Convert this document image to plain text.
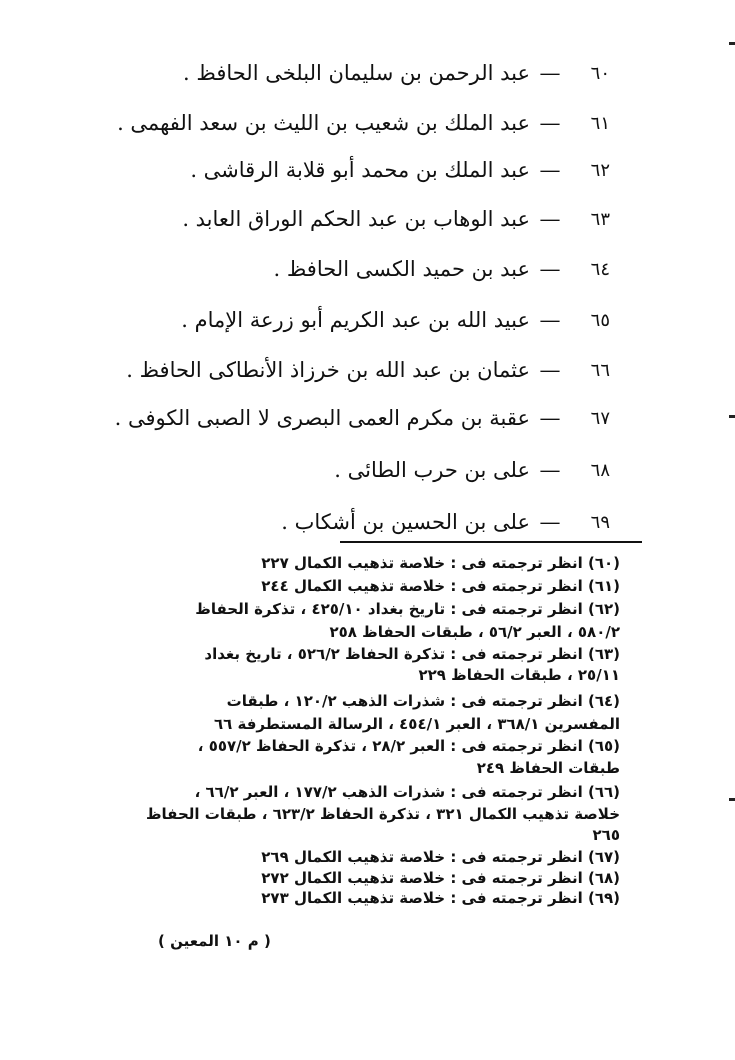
٦٠
—
عبد الرحمن بن سليمان البلخى الحافظ .
٦١
—
عبد الملك بن شعيب بن الليث بن سعد الفهمى .
٦٢
—
عبد الملك بن محمد أبو قلابة الرقاشى .
٦٣
—
عبد الوهاب بن عبد الحكم الوراق العابد .
٦٤
—
عبد بن حميد الكسى الحافظ .
٦٥
—
عبيد الله بن عبد الكريم أبو زرعة الإمام .
٦٦
—
عثمان بن عبد الله بن خرزاذ الأنطاكى الحافظ .
٦٧
—
عقبة بن مكرم العمى البصرى لا الصبى الكوفى .
٦٨
—
على بن حرب الطائى .
٦٩
—
على بن الحسين بن أشكاب .
(٦٠) انظر ترجمته فى : خلاصة تذهيب الكمال ٢٢٧
(٦١) انظر ترجمته فى : خلاصة تذهيب الكمال ٢٤٤
(٦٢) انظر ترجمته فى : تاريخ بغداد ٤٢٥/١٠ ، تذكرة الحفاظ
٥٨٠/٢ ، العبر ٥٦/٢ ، طبقات الحفاظ ٢٥٨
(٦٣) انظر ترجمته فى : تذكرة الحفاظ ٥٢٦/٢ ، تاريخ بغداد
٢٥/١١ ، طبقات الحفاظ ٢٢٩
(٦٤) انظر ترجمته فى : شذرات الذهب ١٢٠/٢ ، طبقات
المفسرين ٣٦٨/١ ، العبر ٤٥٤/١ ، الرسالة المستطرفة ٦٦
(٦٥) انظر ترجمته فى : العبر ٢٨/٢ ، تذكرة الحفاظ ٥٥٧/٢ ،
طبقات الحفاظ ٢٤٩
(٦٦) انظر ترجمته فى : شذرات الذهب ١٧٧/٢ ، العبر ٦٦/٢ ،
خلاصة تذهيب الكمال ٣٢١ ، تذكرة الحفاظ ٦٢٣/٢ ، طبقات الحفاظ
٢٦٥
(٦٧) انظر ترجمته فى : خلاصة تذهيب الكمال ٢٦٩
(٦٨) انظر ترجمته فى : خلاصة تذهيب الكمال ٢٧٢
(٦٩) انظر ترجمته فى : خلاصة تذهيب الكمال ٢٧٣
( م ١٠ المعين )
